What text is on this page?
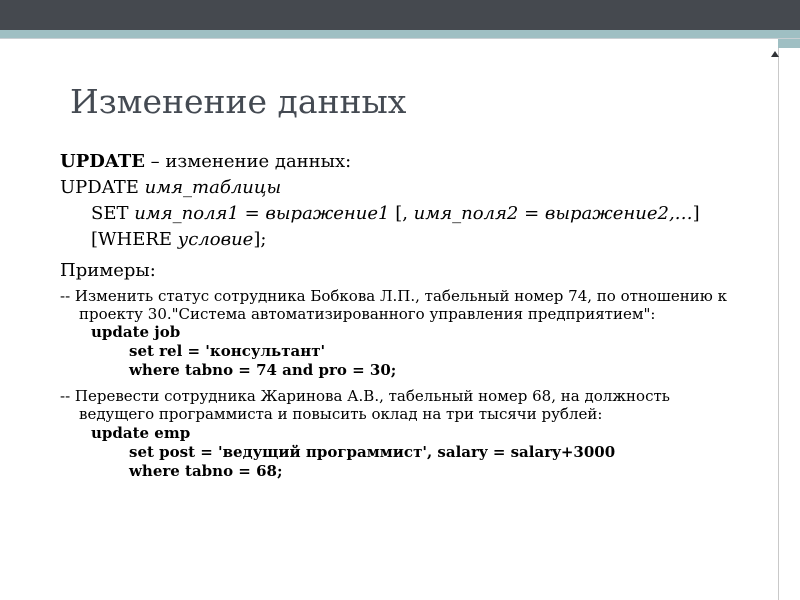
Изменение данных
UPDATE – изменение данных:
UPDATE имя_таблицы
SET имя_поля1 = выражение1 [, имя_поля2 = выражение2,…]
[WHERE условие];
Примеры:
-- Изменить статус сотрудника Бобкова Л.П., табельный номер 74, по отношению к
проекту 30."Система автоматизированного управления предприятием":
update job
set rel = 'консультант'
where tabno = 74 and pro = 30;
-- Перевести сотрудника Жаринова А.В., табельный номер 68, на должность
ведущего программиста и повысить оклад на три тысячи рублей:
update emp
set post = 'ведущий программист', salary = salary+3000
where tabno = 68;
